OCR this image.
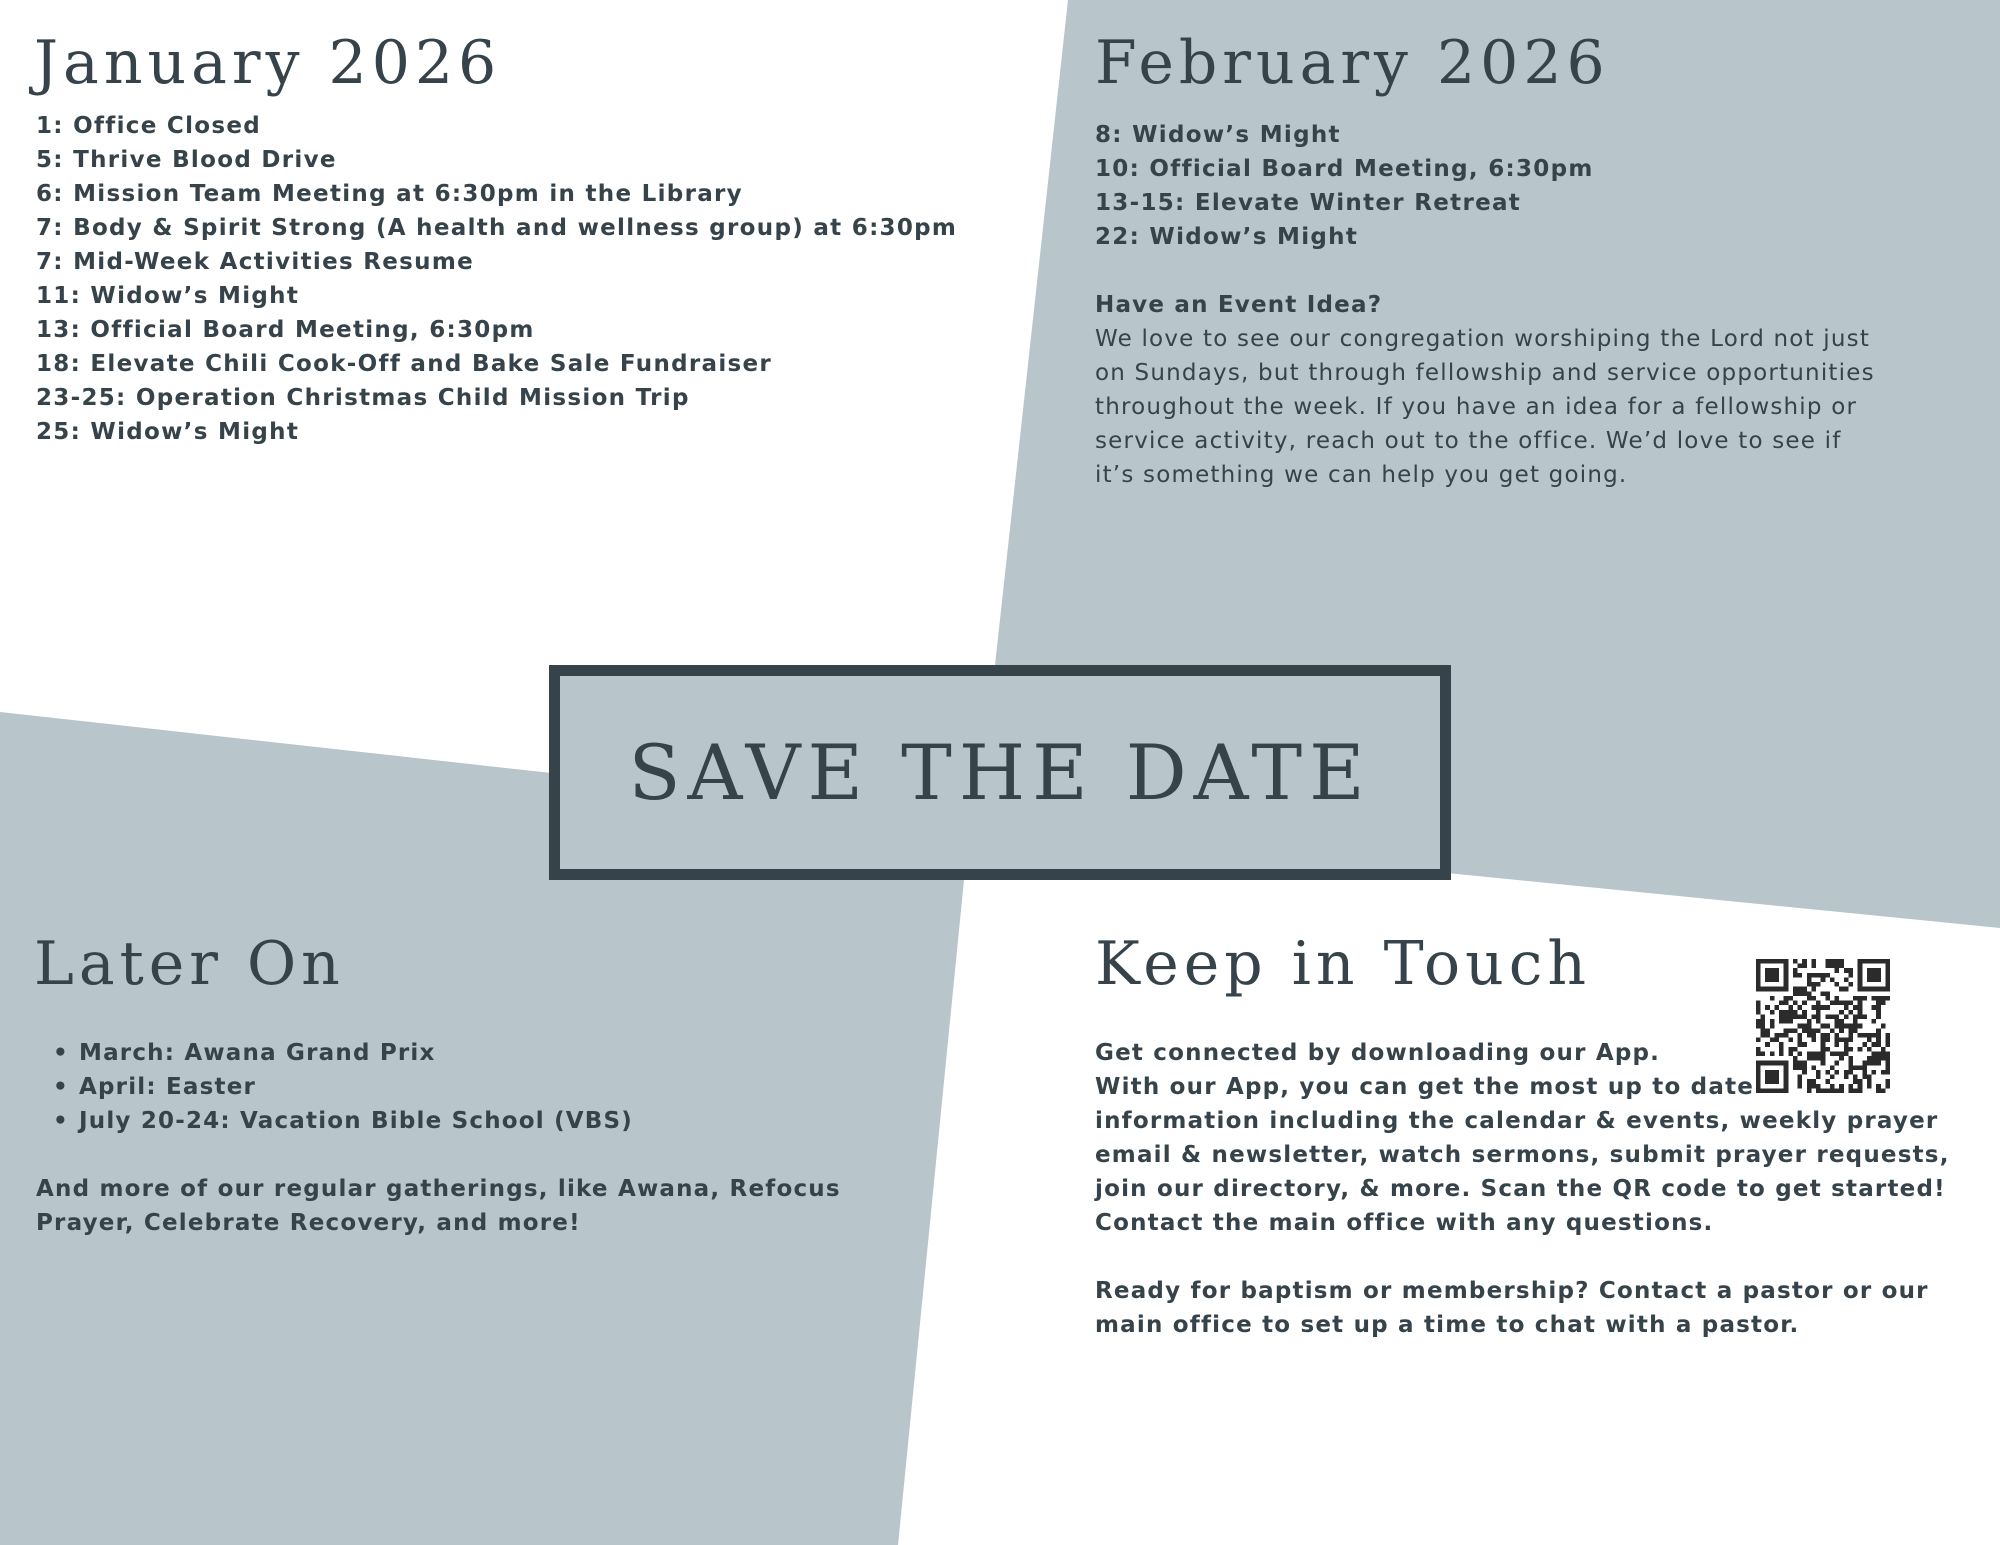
January 2026
1: Office Closed
5: Thrive Blood Drive
6: Mission Team Meeting at 6:30pm in the Library
7: Body & Spirit Strong (A health and wellness group) at 6:30pm
7: Mid-Week Activities Resume
11: Widow’s Might
13: Official Board Meeting, 6:30pm
18: Elevate Chili Cook-Off and Bake Sale Fundraiser
23-25: Operation Christmas Child Mission Trip
25: Widow’s Might
February 2026
8: Widow’s Might
10: Official Board Meeting, 6:30pm
13-15: Elevate Winter Retreat
22: Widow’s Might
Have an Event Idea?
We love to see our congregation worshiping the Lord not just
on Sundays, but through fellowship and service opportunities
throughout the week. If you have an idea for a fellowship or
service activity, reach out to the office. We’d love to see if
it’s something we can help you get going.
SAVE THE DATE
Later On
• March: Awana Grand Prix
• April: Easter
• July 20-24: Vacation Bible School (VBS)
And more of our regular gatherings, like Awana, Refocus
Prayer, Celebrate Recovery, and more!
Keep in Touch
Get connected by downloading our App.
With our App, you can get the most up to date
information including the calendar & events, weekly prayer
email & newsletter, watch sermons, submit prayer requests,
join our directory, & more. Scan the QR code to get started!
Contact the main office with any questions.
Ready for baptism or membership? Contact a pastor or our
main office to set up a time to chat with a pastor.
